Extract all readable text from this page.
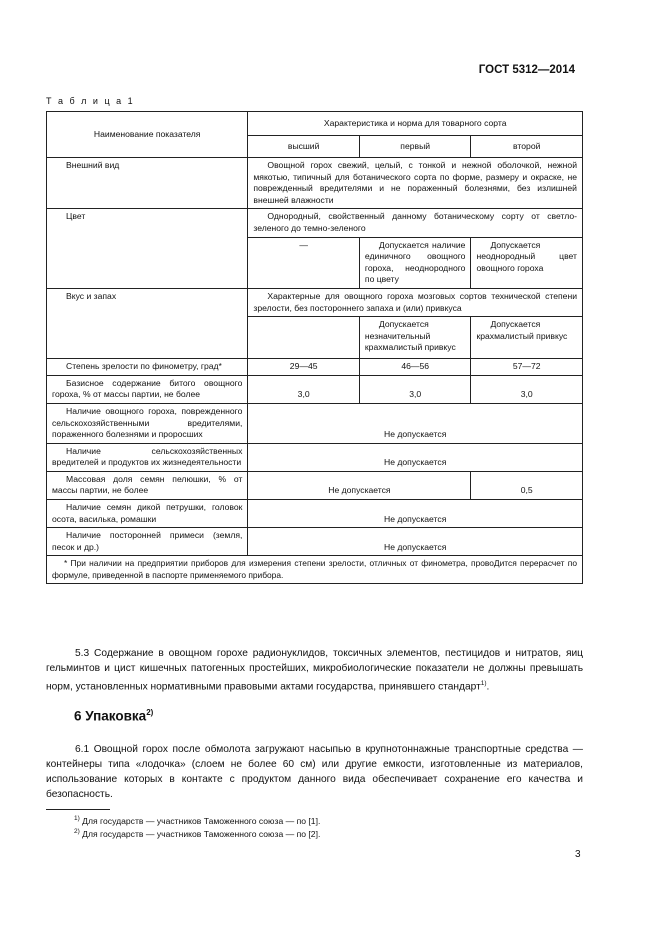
ГОСТ 5312—2014
Т а б л и ц а 1
Наименование показателя	Характеристика и норма для товарного сорта		
	высший	первый	второй
Внешний вид	Овощной горох свежий, целый, с тонкой и нежной оболочкой, нежной мякотью, типичный для ботанического сорта по форме, размеру и окраске, не поврежденный вредителями и не пораженный болезнями, без излишней внешней влажности		
Цвет	Однородный, свойственный данному ботаническому сорту от светло-зеленого до темно-зеленого		
	—	Допускается наличие единичного овощного гороха, неоднородного по цвету	Допускается неоднородный цвет овощного гороха
Вкус и запах	Характерные для овощного гороха мозговых сортов технической степени зрелости, без постороннего запаха и (или) привкуса		
		Допускается незначительный крахмалистый привкус	Допускается крахмалистый привкус
Степень зрелости по финометру, град*	29—45	46—56	57—72
Базисное содержание битого овощного гороха, % от массы партии, не более	3,0	3,0	3,0
Наличие овощного гороха, поврежденного сельскохозяйственными вредителями, пораженного болезнями и проросших	Не допускается		
Наличие сельскохозяйственных вредителей и продуктов их жизнедеятельности	Не допускается		
Массовая доля семян пелюшки, % от массы партии, не более	Не допускается		0,5
Наличие семян дикой петрушки, головок осота, василька, ромашки	Не допускается		
Наличие посторонней примеси (земля, песок и др.)	Не допускается		
* При наличии на предприятии приборов для измерения степени зрелости, отличных от финометра, провоДится перерасчет по формуле, приведенной в паспорте применяемого прибора.			

5.3 Содержание в овощном горохе радионуклидов, токсичных элементов, пестицидов и нитратов, яиц гельминтов и цист кишечных патогенных простейших, микробиологические показатели не должны превышать норм, установленных нормативными правовыми актами государства, принявшего стандарт$^{1)}$.

6 Упаковка$^{2)}$

6.1 Овощной горох после обмолота загружают насыпью в крупнотоннажные транспортные средства — контейнеры типа «лодочка» (слоем не более 60 см) или другие емкости, изготовленные из материалов, использование которых в контакте с продуктом данного вида обеспечивает сохранение его качества и безопасность.

$^{1)}$ Для государств — участников Таможенного союза — по [1].
$^{2)}$ Для государств — участников Таможенного союза — по [2].
3
